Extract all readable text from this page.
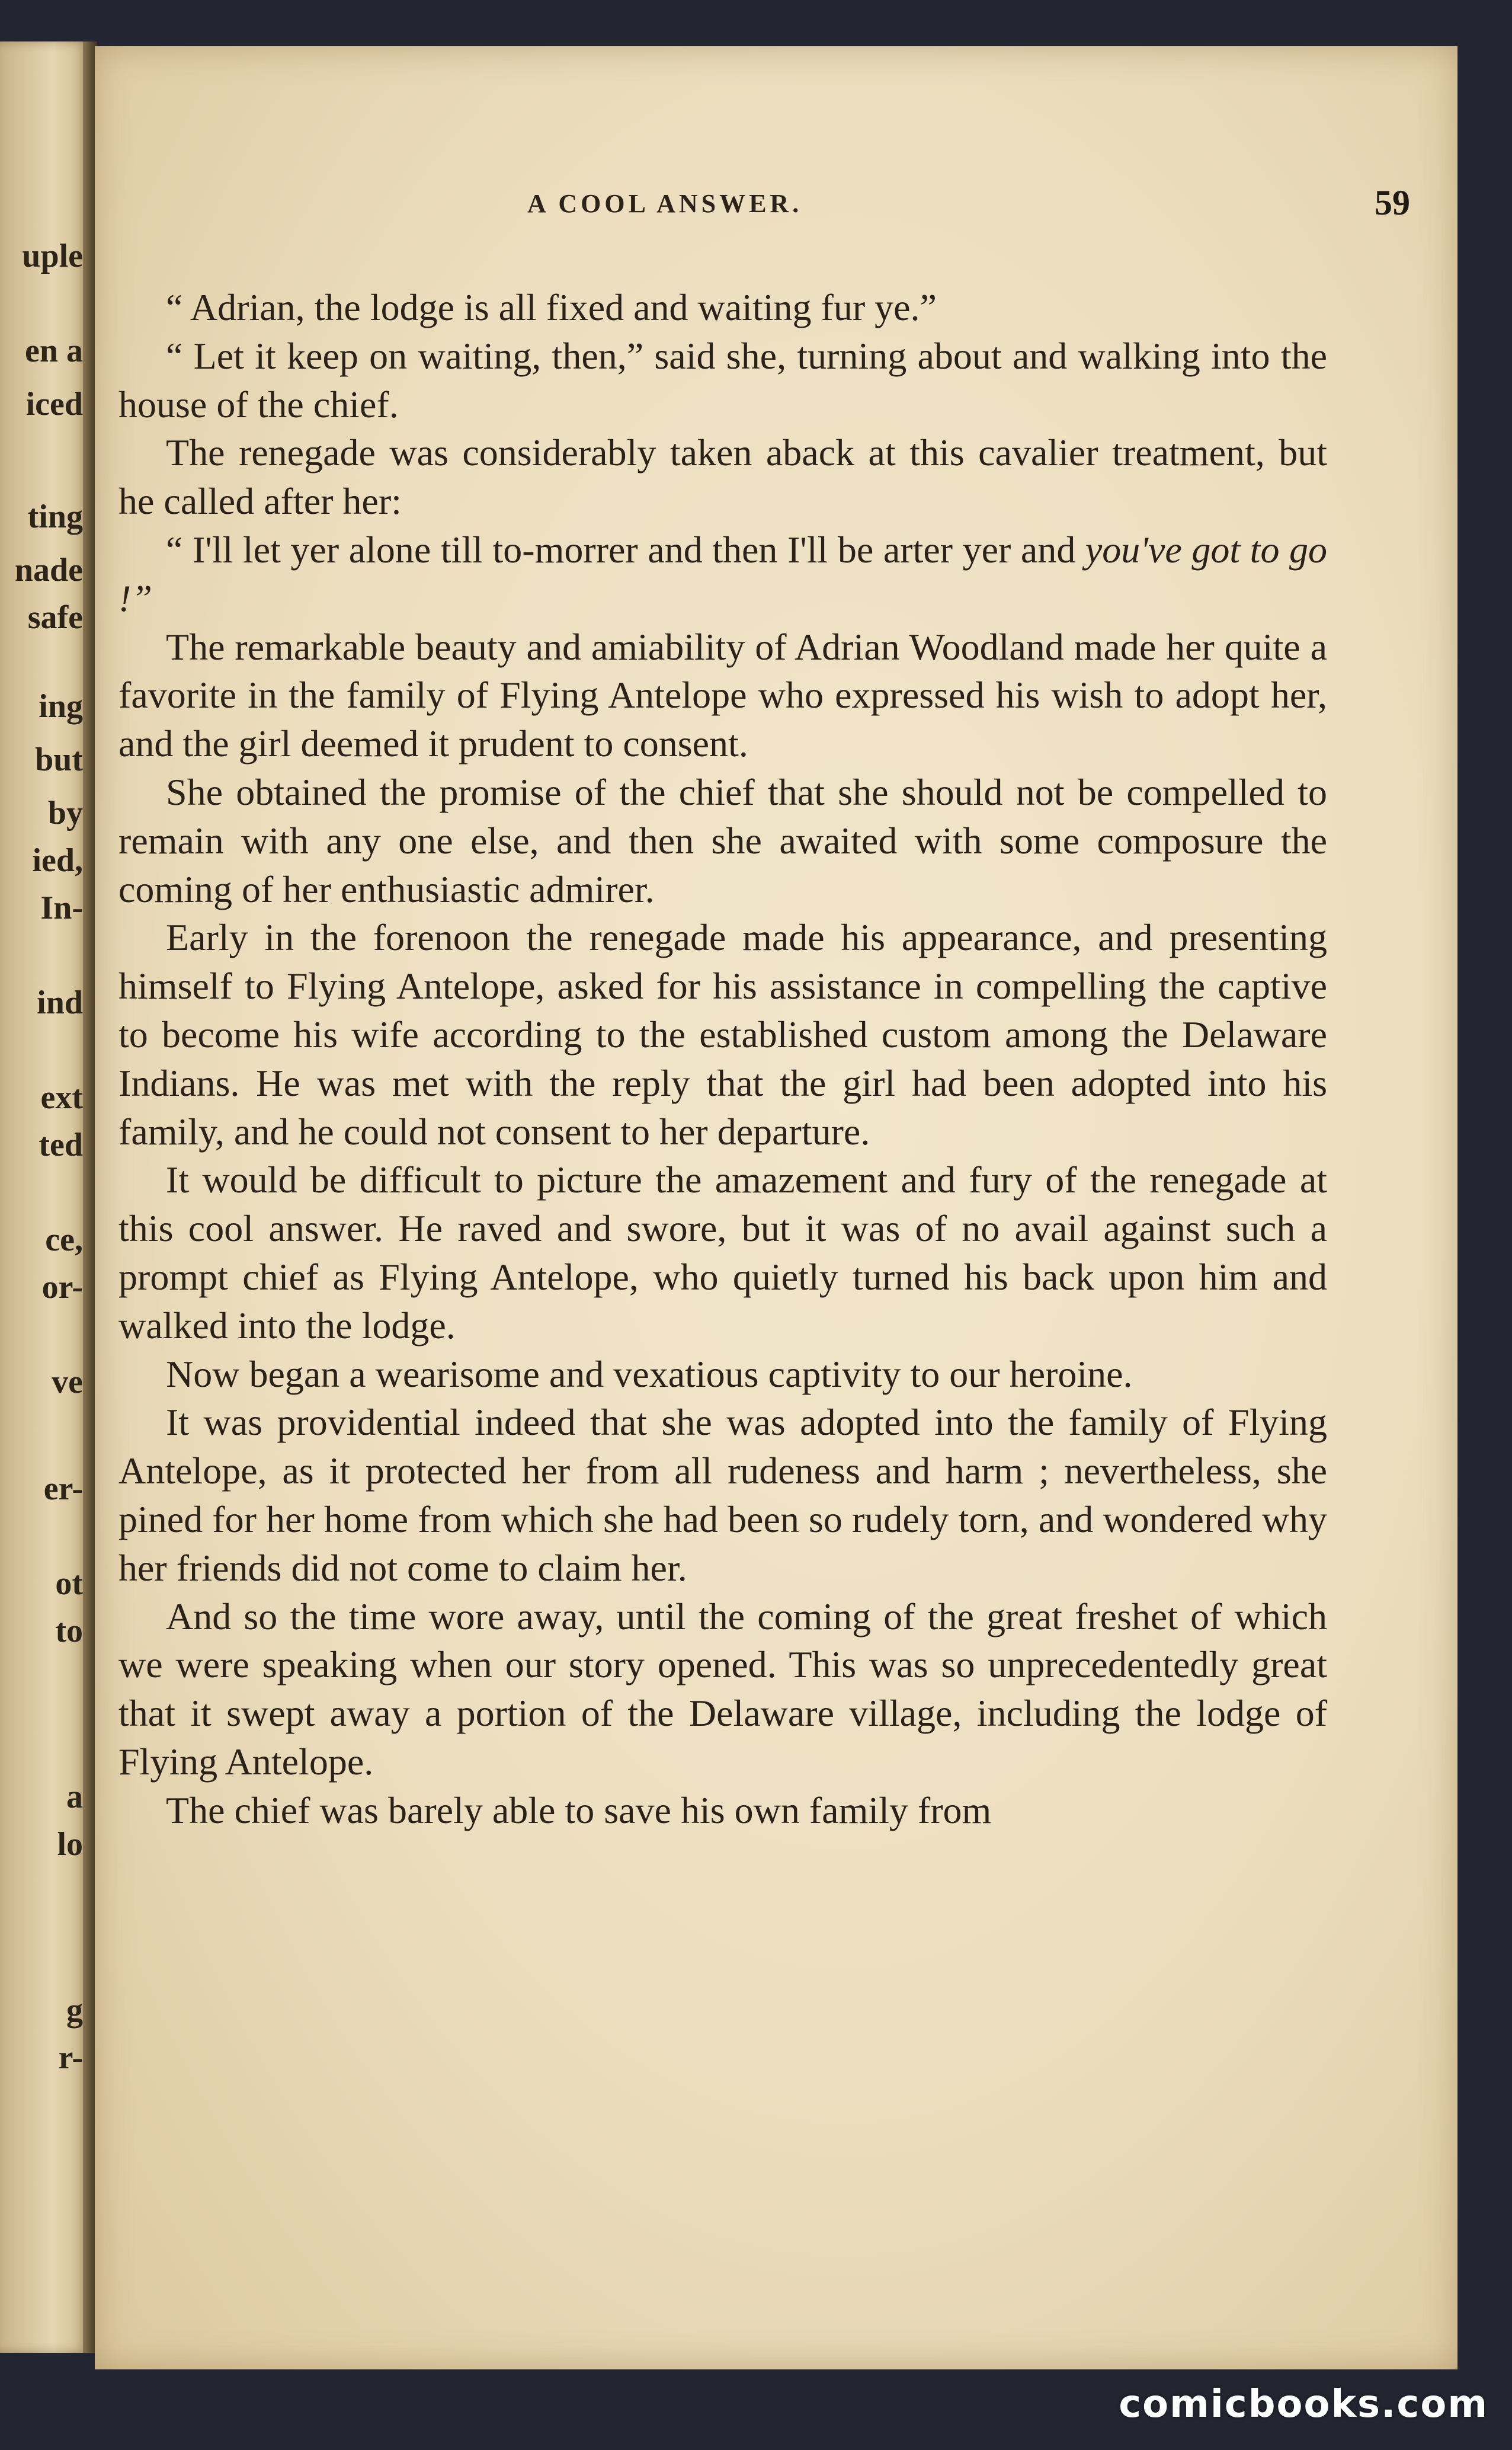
uple
en a
iced
ting
nade
safe
ing
but
by
ied,
In-
ind
ext
ted
ce,
or-
ve
er-
ot
to
a
lo
g
r-
A COOL ANSWER.	59

“ Adrian, the lodge is all fixed and waiting fur ye.”

“ Let it keep on waiting, then,” said she, turning about and walking into the house of the chief.

The renegade was considerably taken aback at this cavalier treatment, but he called after her:

“ I'll let yer alone till to-morrer and then I'll be arter yer and you've got to go !”

The remarkable beauty and amiability of Adrian Woodland made her quite a favorite in the family of Flying Antelope who expressed his wish to adopt her, and the girl deemed it prudent to consent.

She obtained the promise of the chief that she should not be compelled to remain with any one else, and then she awaited with some composure the coming of her enthusiastic admirer.

Early in the forenoon the renegade made his appearance, and presenting himself to Flying Antelope, asked for his assistance in compelling the captive to become his wife according to the established custom among the Delaware Indians. He was met with the reply that the girl had been adopted into his family, and he could not consent to her departure.

It would be difficult to picture the amazement and fury of the renegade at this cool answer. He raved and swore, but it was of no avail against such a prompt chief as Flying Antelope, who quietly turned his back upon him and walked into the lodge.

Now began a wearisome and vexatious captivity to our heroine.

It was providential indeed that she was adopted into the family of Flying Antelope, as it protected her from all rudeness and harm ; nevertheless, she pined for her home from which she had been so rudely torn, and wondered why her friends did not come to claim her.

And so the time wore away, until the coming of the great freshet of which we were speaking when our story opened. This was so unprecedentedly great that it swept away a portion of the Delaware village, including the lodge of Flying Antelope.

The chief was barely able to save his own family from

comicbooks.com
